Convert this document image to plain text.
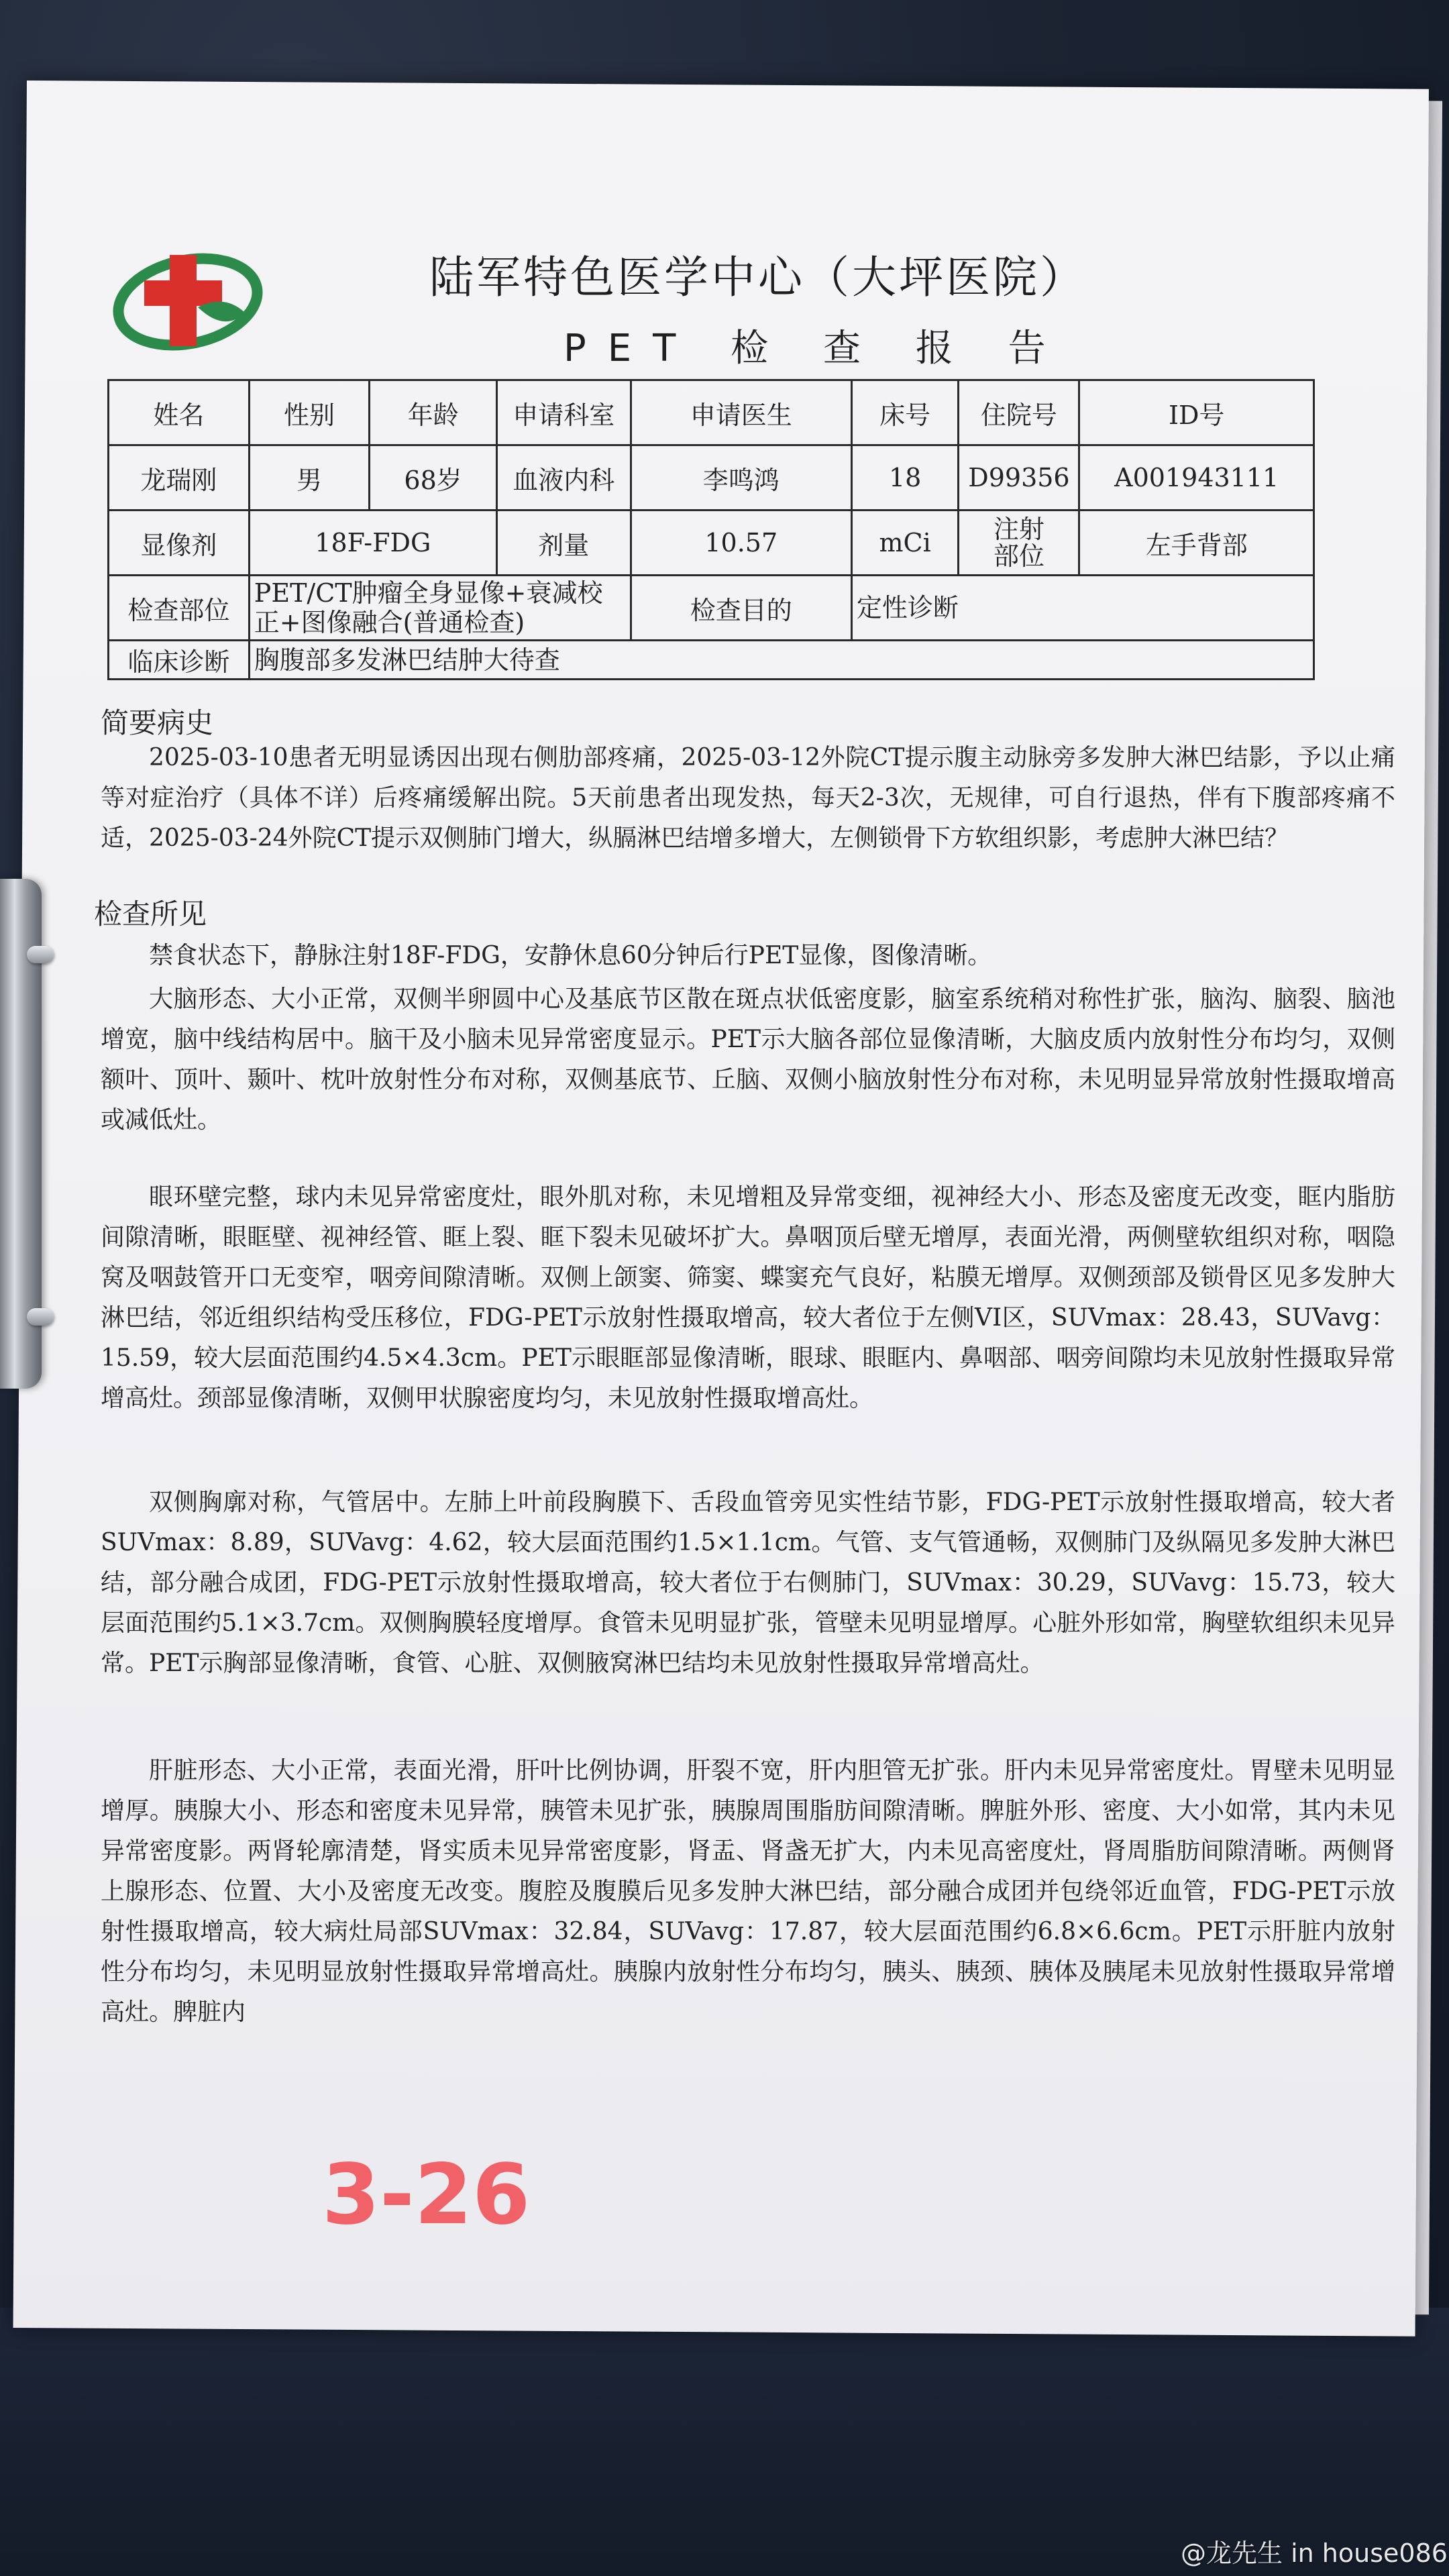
陆军特色医学中心（大坪医院）
PET 检 查 报 告
姓名	性别	年龄	申请科室	申请医生	床号	住院号	ID号
龙瑞刚	男	68岁	血液内科	李鸣鸿	18	D99356	A001943111
显像剂	18F-FDG		剂量	10.57	mCi	注射部位	左手背部
检查部位	PET/CT肿瘤全身显像+衰减校正+图像融合(普通检查)			检查目的	定性诊断		
临床诊断	胸腹部多发淋巴结肿大待查						
简要病史
2025-03-10患者无明显诱因出现右侧肋部疼痛，2025-03-12外院CT提示腹主动脉旁多发肿大淋巴结影，予以止痛等对症治疗（具体不详）后疼痛缓解出院。5天前患者出现发热，每天2-3次，无规律，可自行退热，伴有下腹部疼痛不适，2025-03-24外院CT提示双侧肺门增大，纵膈淋巴结增多增大，左侧锁骨下方软组织影，考虑肿大淋巴结？
检查所见
禁食状态下，静脉注射18F-FDG，安静休息60分钟后行PET显像，图像清晰。
大脑形态、大小正常，双侧半卵圆中心及基底节区散在斑点状低密度影，脑室系统稍对称性扩张，脑沟、脑裂、脑池增宽，脑中线结构居中。脑干及小脑未见异常密度显示。PET示大脑各部位显像清晰，大脑皮质内放射性分布均匀，双侧额叶、顶叶、颞叶、枕叶放射性分布对称，双侧基底节、丘脑、双侧小脑放射性分布对称，未见明显异常放射性摄取增高或减低灶。
眼环壁完整，球内未见异常密度灶，眼外肌对称，未见增粗及异常变细，视神经大小、形态及密度无改变，眶内脂肪间隙清晰，眼眶壁、视神经管、眶上裂、眶下裂未见破坏扩大。鼻咽顶后壁无增厚，表面光滑，两侧壁软组织对称，咽隐窝及咽鼓管开口无变窄，咽旁间隙清晰。双侧上颌窦、筛窦、蝶窦充气良好，粘膜无增厚。双侧颈部及锁骨区见多发肿大淋巴结，邻近组织结构受压移位，FDG-PET示放射性摄取增高，较大者位于左侧VI区，SUVmax：28.43，SUVavg：15.59，较大层面范围约4.5×4.3cm。PET示眼眶部显像清晰，眼球、眼眶内、鼻咽部、咽旁间隙均未见放射性摄取异常增高灶。颈部显像清晰，双侧甲状腺密度均匀，未见放射性摄取增高灶。
双侧胸廓对称，气管居中。左肺上叶前段胸膜下、舌段血管旁见实性结节影，FDG-PET示放射性摄取增高，较大者SUVmax：8.89，SUVavg：4.62，较大层面范围约1.5×1.1cm。气管、支气管通畅，双侧肺门及纵隔见多发肿大淋巴结，部分融合成团，FDG-PET示放射性摄取增高，较大者位于右侧肺门，SUVmax：30.29，SUVavg：15.73，较大层面范围约5.1×3.7cm。双侧胸膜轻度增厚。食管未见明显扩张，管壁未见明显增厚。心脏外形如常，胸壁软组织未见异常。PET示胸部显像清晰，食管、心脏、双侧腋窝淋巴结均未见放射性摄取异常增高灶。
肝脏形态、大小正常，表面光滑，肝叶比例协调，肝裂不宽，肝内胆管无扩张。肝内未见异常密度灶。胃壁未见明显增厚。胰腺大小、形态和密度未见异常，胰管未见扩张，胰腺周围脂肪间隙清晰。脾脏外形、密度、大小如常，其内未见异常密度影。两肾轮廓清楚，肾实质未见异常密度影，肾盂、肾盏无扩大，内未见高密度灶，肾周脂肪间隙清晰。两侧肾上腺形态、位置、大小及密度无改变。腹腔及腹膜后见多发肿大淋巴结，部分融合成团并包绕邻近血管，FDG-PET示放射性摄取增高，较大病灶局部SUVmax：32.84，SUVavg：17.87，较大层面范围约6.8×6.6cm。PET示肝脏内放射性分布均匀，未见明显放射性摄取异常增高灶。胰腺内放射性分布均匀，胰头、胰颈、胰体及胰尾未见放射性摄取异常增高灶。脾脏内
3-26
@龙先生 in house086
